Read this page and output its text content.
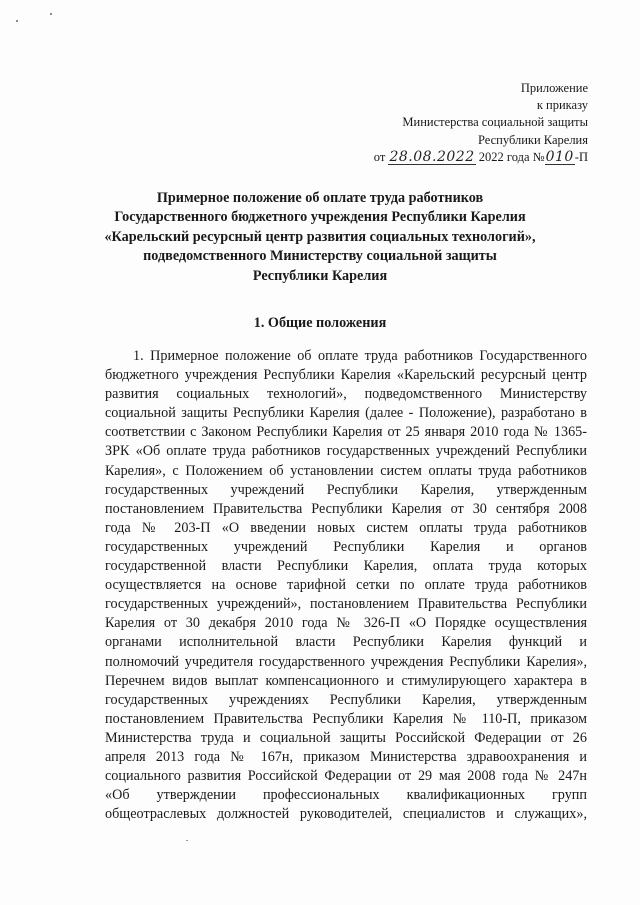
Приложение
к приказу
Министерства социальной защиты
Республики Карелия
от 28.08.2022 2022 года №010-П
Примерное положение об оплате труда работников
Государственного бюджетного учреждения Республики Карелия
«Карельский ресурсный центр развития социальных технологий»,
подведомственного Министерству социальной защиты
Республики Карелия
1. Общие положения
1. Примерное положение об оплате труда работников Государственного
бюджетного учреждения Республики Карелия «Карельский ресурсный центр
развития социальных технологий», подведомственного Министерству
социальной защиты Республики Карелия (далее - Положение), разработано в
соответствии с Законом Республики Карелия от 25 января 2010 года № 1365-
ЗРК «Об оплате труда работников государственных учреждений Республики
Карелия», с Положением об установлении систем оплаты труда работников
государственных учреждений Республики Карелия, утвержденным
постановлением Правительства Республики Карелия от 30 сентября 2008
года № 203-П «О введении новых систем оплаты труда работников
государственных учреждений Республики Карелия и органов
государственной власти Республики Карелия, оплата труда которых
осуществляется на основе тарифной сетки по оплате труда работников
государственных учреждений», постановлением Правительства Республики
Карелия от 30 декабря 2010 года № 326-П «О Порядке осуществления
органами исполнительной власти Республики Карелия функций и
полномочий учредителя государственного учреждения Республики Карелия»,
Перечнем видов выплат компенсационного и стимулирующего характера в
государственных учреждениях Республики Карелия, утвержденным
постановлением Правительства Республики Карелия № 110-П, приказом
Министерства труда и социальной защиты Российской Федерации от 26
апреля 2013 года № 167н, приказом Министерства здравоохранения и
социального развития Российской Федерации от 29 мая 2008 года № 247н
«Об утверждении профессиональных квалификационных групп
общеотраслевых должностей руководителей, специалистов и служащих»,
